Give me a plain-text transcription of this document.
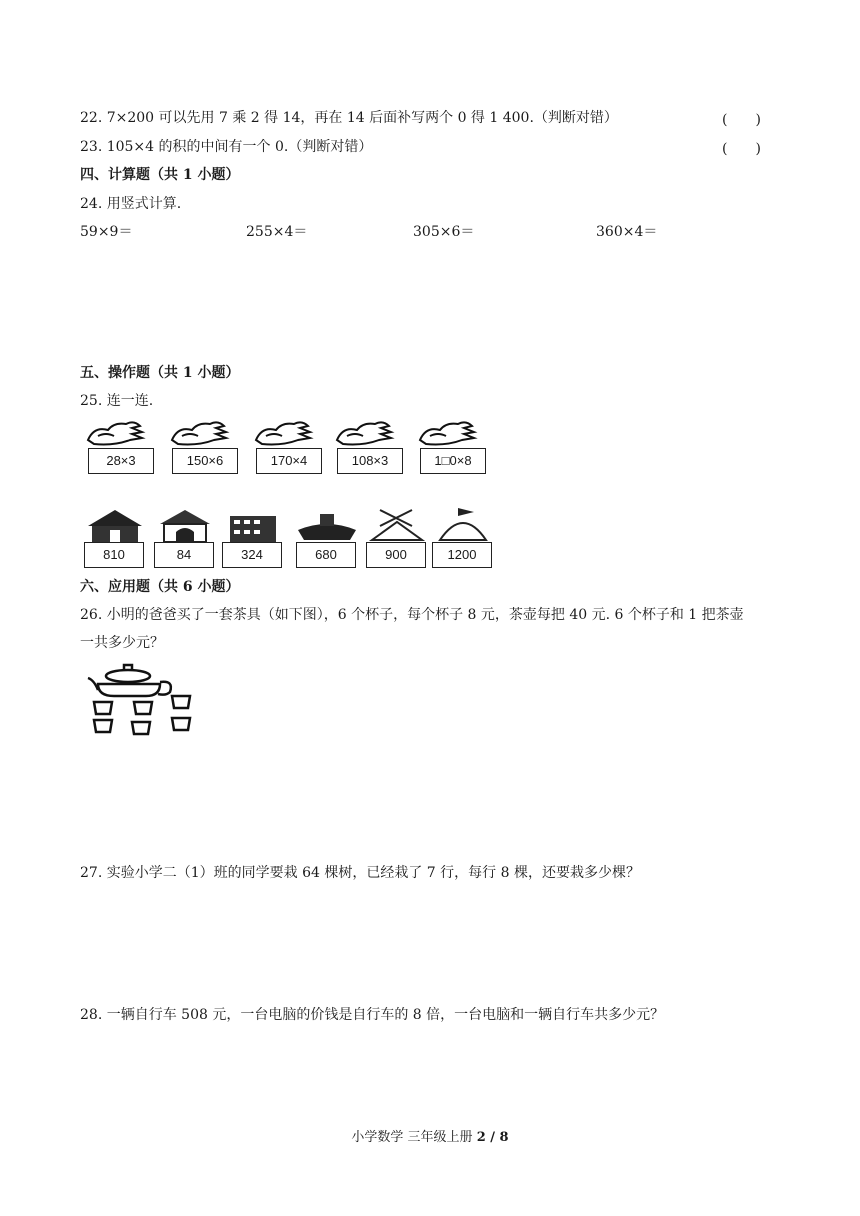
22. 7×200 可以先用 7 乘 2 得 14，再在 14 后面补写两个 0 得 1 400.（判断对错）	(　　)
23. 105×4 的积的中间有一个 0.（判断对错）	(　　)
四、计算题（共 1 小题）
24. 用竖式计算.
59×9＝	255×4＝	305×6＝	360×4＝
五、操作题（共 1 小题）
25. 连一连.
28×3	150×6	170×4	108×3	1□0×8
810	84	324	680	900	1200
六、应用题（共 6 小题）
26. 小明的爸爸买了一套茶具（如下图），6 个杯子，每个杯子 8 元，茶壶每把 40 元. 6 个杯子和 1 把茶壶
一共多少元？
27. 实验小学二（1）班的同学要栽 64 棵树，已经栽了 7 行，每行 8 棵，还要栽多少棵？
28. 一辆自行车 508 元，一台电脑的价钱是自行车的 8 倍，一台电脑和一辆自行车共多少元？
小学数学 三年级上册 2 / 8
